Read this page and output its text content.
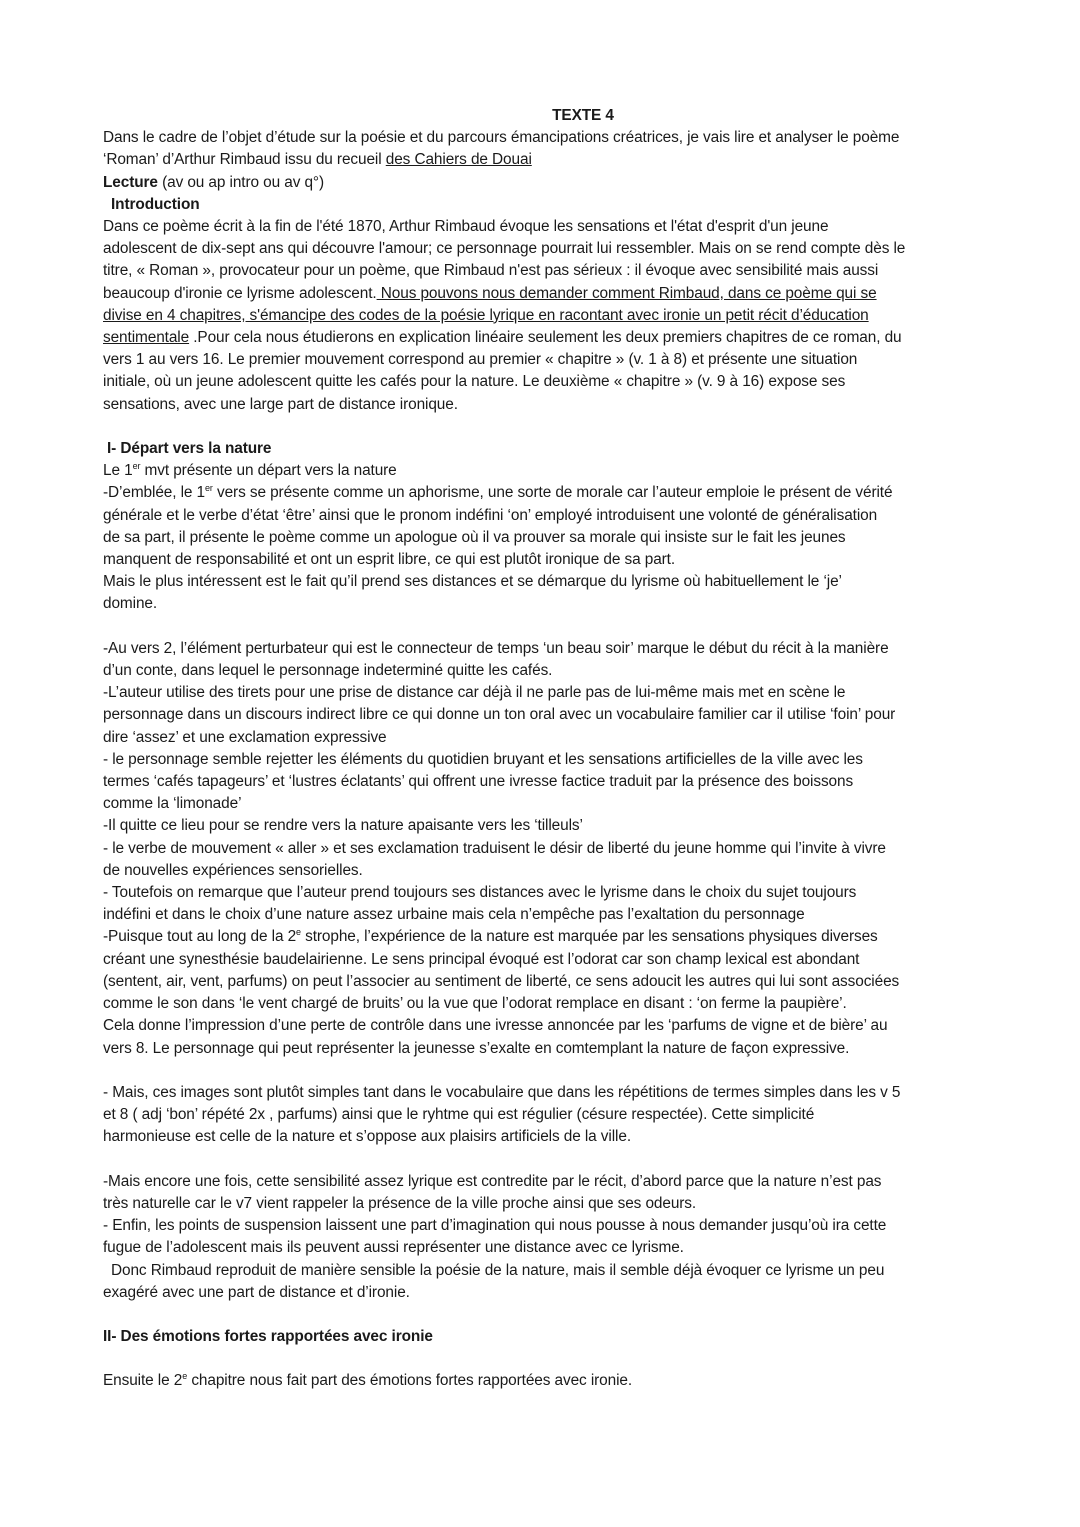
TEXTE 4
Dans le cadre de l’objet d’étude sur la poésie et du parcours émancipations créatrices, je vais lire et analyser le poème
‘Roman’ d’Arthur Rimbaud issu du recueil des Cahiers de Douai
Lecture (av ou ap intro ou av q°)
Introduction
Dans ce poème écrit à la fin de l'été 1870, Arthur Rimbaud évoque les sensations et l'état d'esprit d'un jeune
adolescent de dix-sept ans qui découvre l'amour; ce personnage pourrait lui ressembler. Mais on se rend compte dès le
titre, « Roman », provocateur pour un poème, que Rimbaud n'est pas sérieux : il évoque avec sensibilité mais aussi
beaucoup d'ironie ce lyrisme adolescent. Nous pouvons nous demander comment Rimbaud, dans ce poème qui se
divise en 4 chapitres, s'émancipe des codes de la poésie lyrique en racontant avec ironie un petit récit d’éducation
sentimentale .Pour cela nous étudierons en explication linéaire seulement les deux premiers chapitres de ce roman, du
vers 1 au vers 16. Le premier mouvement correspond au premier « chapitre » (v. 1 à 8) et présente une situation
initiale, où un jeune adolescent quitte les cafés pour la nature. Le deuxième « chapitre » (v. 9 à 16) expose ses
sensations, avec une large part de distance ironique.
I- Départ vers la nature
Le 1er mvt présente un départ vers la nature
-D’emblée, le 1er vers se présente comme un aphorisme, une sorte de morale car l’auteur emploie le présent de vérité
générale et le verbe d’état ‘être’ ainsi que le pronom indéfini ‘on’ employé introduisent une volonté de généralisation
de sa part, il présente le poème comme un apologue où il va prouver sa morale qui insiste sur le fait les jeunes
manquent de responsabilité et ont un esprit libre, ce qui est plutôt ironique de sa part.
Mais le plus intéressent est le fait qu’il prend ses distances et se démarque du lyrisme où habituellement le ‘je’
domine.
-Au vers 2, l’élément perturbateur qui est le connecteur de temps ‘un beau soir’ marque le début du récit à la manière
d’un conte, dans lequel le personnage indeterminé quitte les cafés.
-L’auteur utilise des tirets pour une prise de distance car déjà il ne parle pas de lui-même mais met en scène le
personnage dans un discours indirect libre ce qui donne un ton oral avec un vocabulaire familier car il utilise ‘foin’ pour
dire ‘assez’ et une exclamation expressive
- le personnage semble rejetter les éléments du quotidien bruyant et les sensations artificielles de la ville avec les
termes ‘cafés tapageurs’ et ‘lustres éclatants’ qui offrent une ivresse factice traduit par la présence des boissons
comme la ‘limonade’
-Il quitte ce lieu pour se rendre vers la nature apaisante vers les ‘tilleuls’
- le verbe de mouvement « aller » et ses exclamation traduisent le désir de liberté du jeune homme qui l’invite à vivre
de nouvelles expériences sensorielles.
- Toutefois on remarque que l’auteur prend toujours ses distances avec le lyrisme dans le choix du sujet toujours
indéfini et dans le choix d’une nature assez urbaine mais cela n’empêche pas l’exaltation du personnage
-Puisque tout au long de la 2e strophe, l’expérience de la nature est marquée par les sensations physiques diverses
créant une synesthésie baudelairienne. Le sens principal évoqué est l’odorat car son champ lexical est abondant
(sentent, air, vent, parfums) on peut l’associer au sentiment de liberté, ce sens adoucit les autres qui lui sont associées
comme le son dans ‘le vent chargé de bruits’ ou la vue que l’odorat remplace en disant : ‘on ferme la paupière’.
Cela donne l’impression d’une perte de contrôle dans une ivresse annoncée par les ‘parfums de vigne et de bière’ au
vers 8. Le personnage qui peut représenter la jeunesse s’exalte en comtemplant la nature de façon expressive.
- Mais, ces images sont plutôt simples tant dans le vocabulaire que dans les répétitions de termes simples dans les v 5
et 8 ( adj ‘bon’ répété 2x , parfums) ainsi que le ryhtme qui est régulier (césure respectée). Cette simplicité
harmonieuse est celle de la nature et s’oppose aux plaisirs artificiels de la ville.
-Mais encore une fois, cette sensibilité assez lyrique est contredite par le récit, d’abord parce que la nature n’est pas
très naturelle car le v7 vient rappeler la présence de la ville proche ainsi que ses odeurs.
- Enfin, les points de suspension laissent une part d’imagination qui nous pousse à nous demander jusqu’où ira cette
fugue de l’adolescent mais ils peuvent aussi représenter une distance avec ce lyrisme.
Donc Rimbaud reproduit de manière sensible la poésie de la nature, mais il semble déjà évoquer ce lyrisme un peu
exagéré avec une part de distance et d’ironie.
II- Des émotions fortes rapportées avec ironie
Ensuite le 2e chapitre nous fait part des émotions fortes rapportées avec ironie.
